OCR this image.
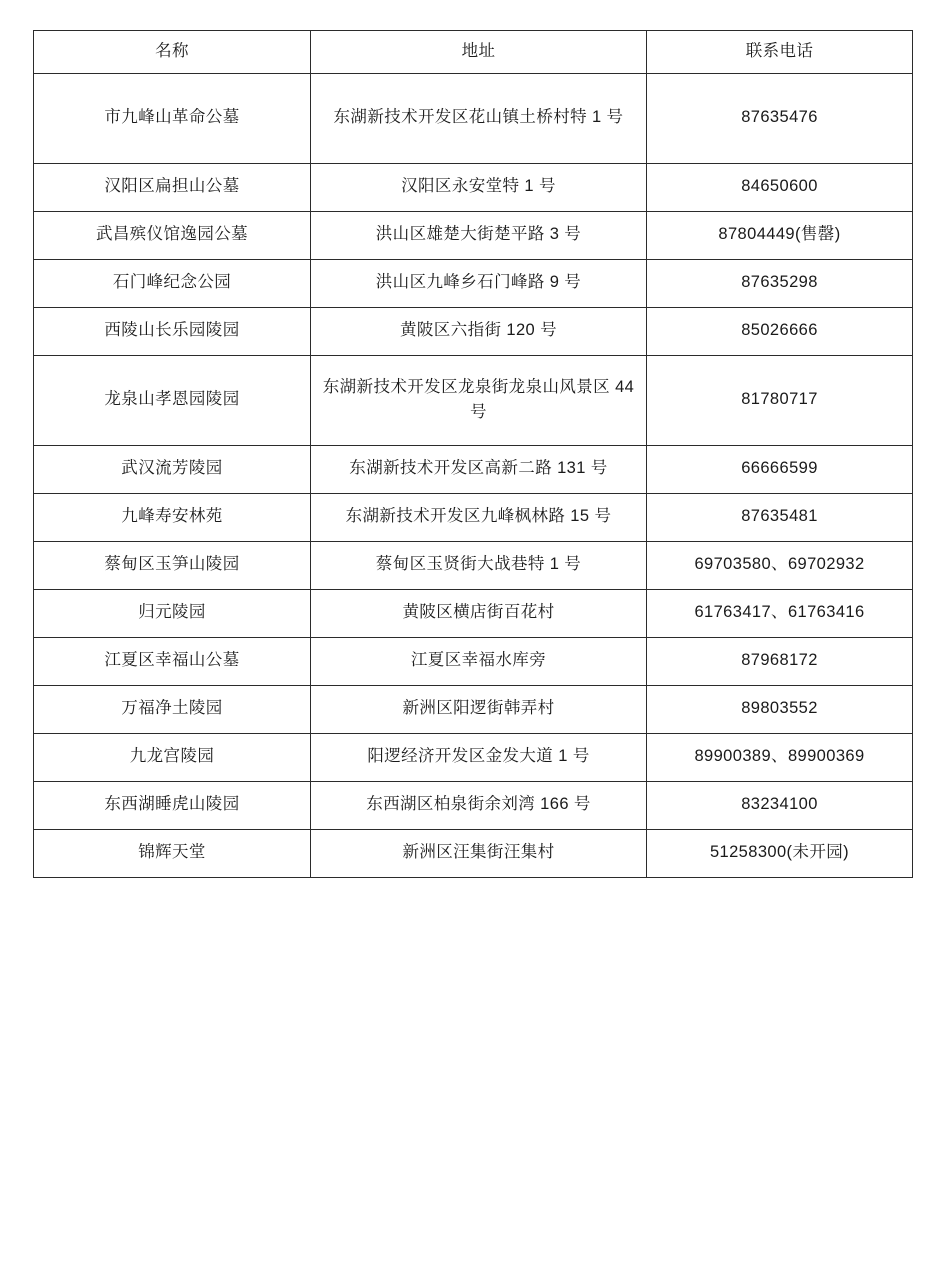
名称	地址	联系电话
市九峰山革命公墓	东湖新技术开发区花山镇土桥村特 1 号	87635476
汉阳区扁担山公墓	汉阳区永安堂特 1 号	84650600
武昌殡仪馆逸园公墓	洪山区雄楚大街楚平路 3 号	87804449(售罄)
石门峰纪念公园	洪山区九峰乡石门峰路 9 号	87635298
西陵山长乐园陵园	黄陂区六指街 120 号	85026666
龙泉山孝恩园陵园	东湖新技术开发区龙泉街龙泉山风景区 44 号	81780717
武汉流芳陵园	东湖新技术开发区高新二路 131 号	66666599
九峰寿安林苑	东湖新技术开发区九峰枫林路 15 号	87635481
蔡甸区玉笋山陵园	蔡甸区玉贤街大战巷特 1 号	69703580、69702932
归元陵园	黄陂区横店街百花村	61763417、61763416
江夏区幸福山公墓	江夏区幸福水库旁	87968172
万福净土陵园	新洲区阳逻街韩弄村	89803552
九龙宫陵园	阳逻经济开发区金发大道 1 号	89900389、89900369
东西湖睡虎山陵园	东西湖区柏泉街余刘湾 166 号	83234100
锦辉天堂	新洲区汪集街汪集村	51258300(未开园)
